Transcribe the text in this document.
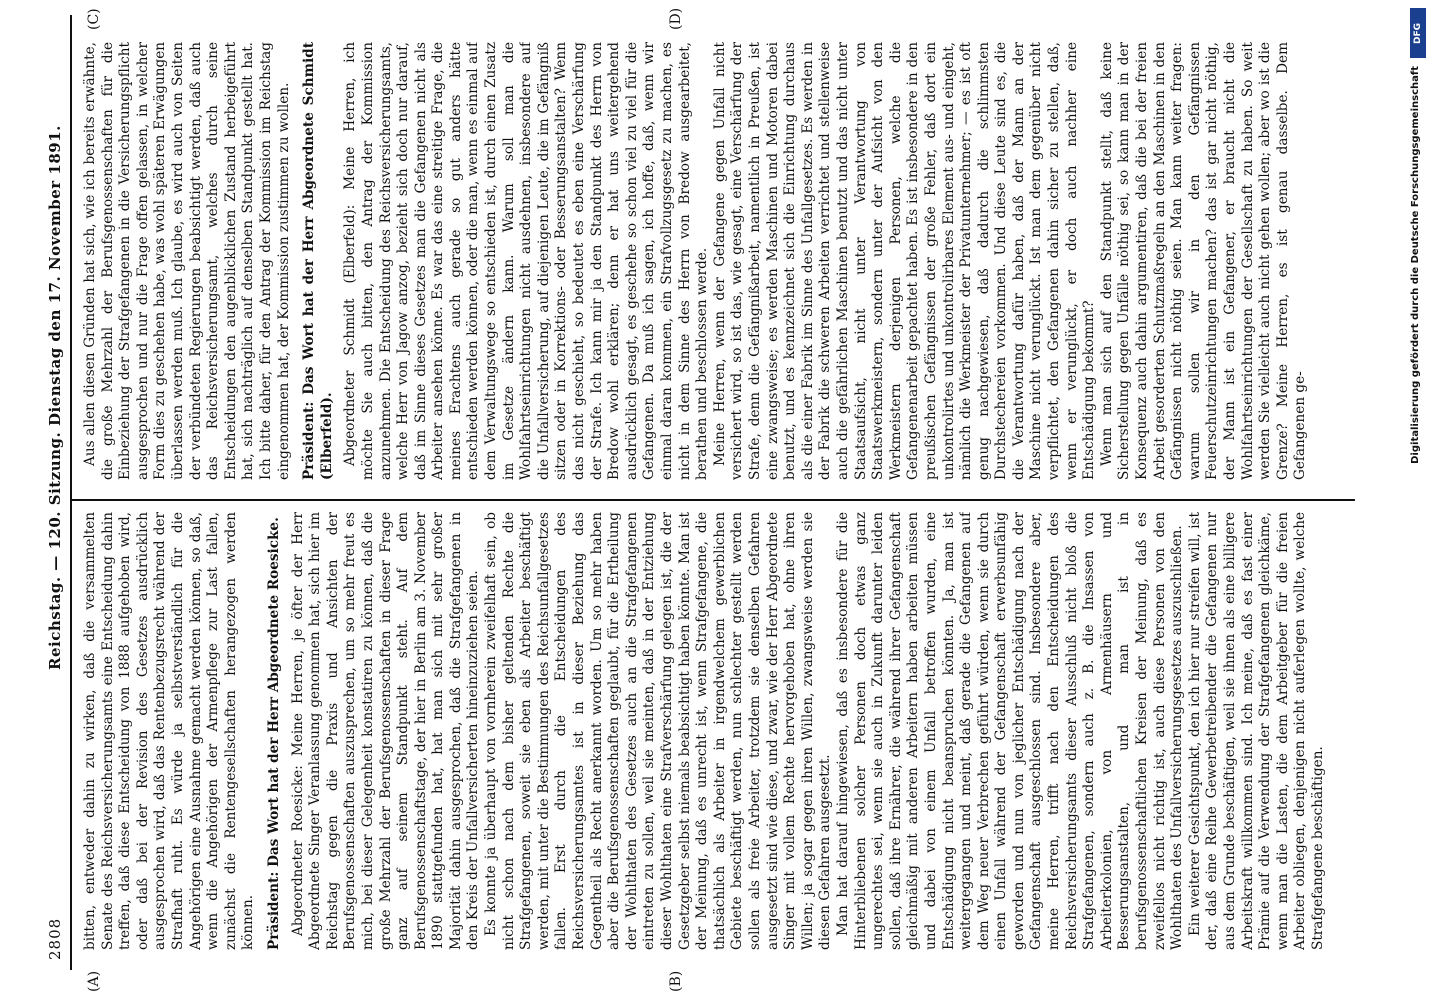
2808
Reichstag. — 120. Sitzung. Dienstag den 17. November 1891.
(A)	(B)
(C)	(D)

bitten, entweder dahin zu wirken, daß die versammelten Senate des Reichsversicherungsamts eine Entscheidung dahin treffen, daß diese Entscheidung von 1888 aufgehoben wird, oder daß bei der Revision des Gesetzes ausdrücklich ausgesprochen wird, daß das Rentenbezugsrecht während der Strafhaft ruht. Es würde ja selbstverständlich für die Angehörigen eine Ausnahme gemacht werden können, so daß, wenn die Angehörigen der Armenpflege zur Last fallen, zunächst die Rentengesellschaften herangezogen werden können. Präsident: Das Wort hat der Herr Abgeordnete Roesicke. Abgeordneter Roesicke: Meine Herren, je öfter der Herr Abgeordnete Singer Veranlassung genommen hat, sich hier im Reichstag gegen die Praxis und Ansichten der Berufsgenossenschaften auszusprechen, um so mehr freut es mich, bei dieser Gelegenheit konstatiren zu können, daß die große Mehrzahl der Berufsgenossenschaften in dieser Frage ganz auf seinem Standpunkt steht. Auf dem Berufsgenossenschaftstage, der hier in Berlin am 3. November 1890 stattgefunden hat, hat man sich mit sehr großer Majorität dahin ausgesprochen, daß die Strafgefangenen in den Kreis der Unfallversicherten hineinzuziehen seien. Es konnte ja überhaupt von vornherein zweifelhaft sein, ob nicht schon nach dem bisher geltenden Rechte die Strafgefangenen, soweit sie eben als Arbeiter beschäftigt werden, mit unter die Bestimmungen des Reichsunfallgesetzes fallen. Erst durch die Entscheidungen des Reichsversicherungsamtes ist in dieser Beziehung das Gegentheil als Recht anerkannt worden. Um so mehr haben aber die Berufsgenossenschaften geglaubt, für die Ertheilung der Wohlthaten des Gesetzes auch an die Strafgefangenen eintreten zu sollen, weil sie meinten, daß in der Entziehung dieser Wohlthaten eine Strafverschärfung gelegen ist, die der Gesetzgeber selbst niemals beabsichtigt haben könnte. Man ist der Meinung, daß es unrecht ist, wenn Strafgefangene, die thatsächlich als Arbeiter in irgendwelchem gewerblichen Gebiete beschäftigt werden, nun schlechter gestellt werden sollen als freie Arbeiter, trotzdem sie denselben Gefahren ausgesetzt sind wie diese, und zwar, wie der Herr Abgeordnete Singer mit vollem Rechte hervorgehoben hat, ohne ihren Willen; ja sogar gegen ihren Willen, zwangsweise werden sie diesen Gefahren ausgesetzt. Man hat darauf hingewiesen, daß es insbesondere für die Hinterbliebenen solcher Personen doch etwas ganz ungerechtes sei, wenn sie auch in Zukunft darunter leiden sollen, daß ihre Ernährer, die während ihrer Gefangenschaft gleichmäßig mit anderen Arbeitern haben arbeiten müssen und dabei von einem Unfall betroffen wurden, eine Entschädigung nicht beanspruchen könnten. Ja, man ist weitergegangen und meint, daß gerade die Gefangenen auf dem Weg neuer Verbrechen geführt würden, wenn sie durch einen Unfall während der Gefangenschaft erwerbsunfähig geworden und nun von jeglicher Entschädigung nach der Gefangenschaft ausgeschlossen sind. Insbesondere aber, meine Herren, trifft nach den Entscheidungen des Reichsversicherungsamts dieser Ausschluß nicht bloß die Strafgefangenen, sondern auch z. B. die Insassen von Arbeiterkolonien, von Armenhäusern und Besserungsanstalten, und man ist in berufsgenossenschaftlichen Kreisen der Meinung, daß es zweifellos nicht richtig ist, auch diese Personen von den Wohlthaten des Unfallversicherungsgesetzes auszuschließen. Ein weiterer Gesichtspunkt, den ich hier nur streifen will, ist der, daß eine Reihe Gewerbetreibender die Gefangenen nur aus dem Grunde beschäftigen, weil sie ihnen als eine billigere Arbeitskraft willkommen sind. Ich meine, daß es fast einer Prämie auf die Verwendung der Strafgefangenen gleichkäme, wenn man die Lasten, die dem Arbeitgeber für die freien Arbeiter obliegen, denjenigen nicht auferlegen wollte, welche Strafgefangene beschäftigen.

Aus allen diesen Gründen hat sich, wie ich bereits erwähnte, die große Mehrzahl der Berufsgenossenschaften für die Einbeziehung der Strafgefangenen in die Versicherungspflicht ausgesprochen und nur die Frage offen gelassen, in welcher Form dies zu geschehen habe, was wohl späteren Erwägungen überlassen werden muß. Ich glaube, es wird auch von Seiten der verbündeten Regierungen beabsichtigt werden, daß auch das Reichsversicherungsamt, welches durch seine Entscheidungen den augenblicklichen Zustand herbeigeführt hat, sich nachträglich auf denselben Standpunkt gestellt hat. Ich bitte daher, für den Antrag der Kommission im Reichstag eingenommen hat, der Kommission zustimmen zu wollen. Präsident: Das Wort hat der Herr Abgeordnete Schmidt (Elberfeld). Abgeordneter Schmidt (Elberfeld): Meine Herren, ich möchte Sie auch bitten, den Antrag der Kommission anzunehmen. Die Entscheidung des Reichsversicherungsamts, welche Herr von Jagow anzog, bezieht sich doch nur darauf, daß im Sinne dieses Gesetzes man die Gefangenen nicht als Arbeiter ansehen könne. Es war das eine streitige Frage, die meines Erachtens auch gerade so gut anders hätte entschieden werden können, oder die man, wenn es einmal auf dem Verwaltungswege so entschieden ist, durch einen Zusatz im Gesetze ändern kann. Warum soll man die Wohlfahrtseinrichtungen nicht ausdehnen, insbesondere auf die Unfallversicherung, auf diejenigen Leute, die im Gefängniß sitzen oder in Korrektions- oder Besserungsanstalten? Wenn das nicht geschieht, so bedeutet es eben eine Verschärfung der Strafe. Ich kann mir ja den Standpunkt des Herrn von Bredow wohl erklären; denn er hat uns weitergehend ausdrücklich gesagt, es geschehe so schon viel zu viel für die Gefangenen. Da muß ich sagen, ich hoffe, daß, wenn wir einmal daran kommen, ein Strafvollzugsgesetz zu machen, es nicht in dem Sinne des Herrn von Bredow ausgearbeitet, berathen und beschlossen werde. Meine Herren, wenn der Gefangene gegen Unfall nicht versichert wird, so ist das, wie gesagt, eine Verschärfung der Strafe, denn die Gefängnißarbeit, namentlich in Preußen, ist eine zwangsweise; es werden Maschinen und Motoren dabei benutzt, und es kennzeichnet sich die Einrichtung durchaus als die einer Fabrik im Sinne des Unfallgesetzes. Es werden in der Fabrik die schweren Arbeiten verrichtet und stellenweise auch die gefährlichen Maschinen benutzt und das nicht unter Staatsaufsicht, nicht unter Verantwortung von Staatswerkmeistern, sondern unter der Aufsicht von den Werkmeistern derjenigen Personen, welche die Gefangenenarbeit gepachtet haben. Es ist insbesondere in den preußischen Gefängnissen der große Fehler, daß dort ein unkontrolirtes und unkontrolirbares Element aus- und eingeht, nämlich die Werkmeister der Privatunternehmer; — es ist oft genug nachgewiesen, daß dadurch die schlimmsten Durchstechereien vorkommen. Und diese Leute sind es, die die Verantwortung dafür haben, daß der Mann an der Maschine nicht verunglückt. Ist man dem gegenüber nicht verpflichtet, den Gefangenen dahin sicher zu stellen, daß, wenn er verunglückt, er doch auch nachher eine Entschädigung bekommt? Wenn man sich auf den Standpunkt stellt, daß keine Sicherstellung gegen Unfälle nöthig sei, so kann man in der Konsequenz auch dahin argumentiren, daß die bei der freien Arbeit gesorderten Schutzmaßregeln an den Maschinen in den Gefängnissen nicht nöthig seien. Man kann weiter fragen: warum sollen wir in den Gefängnissen Feuerschutzeinrichtungen machen? das ist gar nicht nöthig, der Mann ist ein Gefangener, er braucht nicht die Wohlfahrtseinrichtungen der Gesellschaft zu haben. So weit werden Sie vielleicht auch nicht gehen wollen; aber wo ist die Grenze? Meine Herren, es ist genau dasselbe. Dem Gefangenen ge-

DFG
Digitalisierung gefördert durch die Deutsche Forschungsgemeinschaft
